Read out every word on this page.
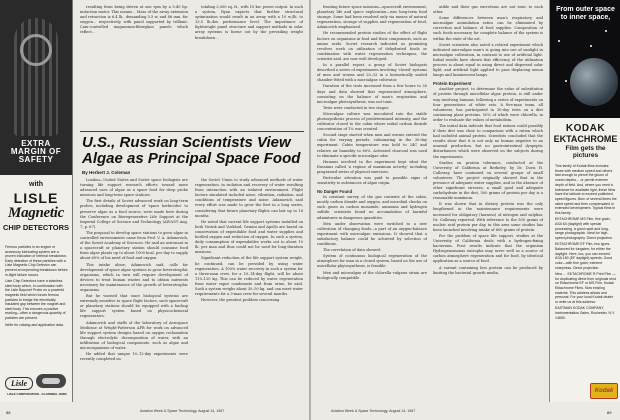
EXTRA MARGIN OF SAFETY
with
LISLE
Magnetic
CHIP DETECTORS

Ferrous particles in an engine or accessory lubricating system are a proven indication of internal breakdown. Early detection of these particles with a Lisle Magnetic Chip Detector can prevent an impending breakdown before in-flight failure occurs.

Lisle Chip Detectors have a stainless steel body which, in combination with the Lisle Bayonet Probe on a powerful magnetic field which forces ferrous particles to bridge the electrically insulated gap between the magnet and steel body. This ensures a positive reading—often a dangerous quantity of particles are present.

Write for catalog and application data.

Lisle
LISLE CORPORATION · CLARINDA, IOWA

resulting from being driven at one rpm by a 0.40 hp. induction motor. This means... Mass of the array extension and retraction is 6.4 lb., demanding 5.5 w. and 86 mm. for oxygen... respectively, with panel supported by trilliant. Cam-controlled magnesium-fiberglass panels which reflect...

totaling 3,000 sq. ft., with 10 kw. power output. In such a system, Ryan expects that further structural optimization would result in an array with a 10 w./lb. to 13.5 lb./kw. performance level. The importance of lightweight panel structure and support methods in solar array systems is borne out by the prevailing weight breakdown...

U.S., Russian Scientists View Algae as Principal Space Food
By Herbert J. Coleman

London—United States and Soviet space biologists are turning life support research efforts toward more advanced uses of algae as a space food for deep probe missions and long-term space stations.

The first details of Soviet advanced work on long-term probes, including development of 'space herbicides' to preserve algae as a food source, were made here during the Conference on Bioregenerative Life Support at the Imperial College of Science and Technology (AW&ST Aug. 7, p. 67).

The proposal to develop space stations to grow algae in controlled environments came from Prof. V. A. Adamovich, of the Soviet Academy of Sciences. He said an astronaut in a spacecraft or planetary station should consume food from algae plants up to about 1000 kcal. per day to supply about 60% of his need of food and oxygen.

This intake alone, Adamovich said, calls for development of space algae systems to grow heterotrophic organisms, which in turn will require development of devices to treat human wastes and to obtain nutrients necessary for maintenance of the growth of heterotrophic organisms.

But he warned that since biological systems are extremely sensitive to space flight factors, such spacecraft or planetary stations should be equipped with a backup life support system based on physicochemical regenerators.

Adamovich and staffs of the laboratory of Aerospace Medicine at Wright-Patterson AFB for work on advanced life support system designs based on oxygen reclamation through electrolytic decomposition of water, with an infiltration of biological components, such as algae and microorganisms of water.

He added that unique 10–12-day experiments were recently completed on

the Soviet Union to study advanced methods of water regeneration, in isolation and recovery of water resulting from interaction with an isolated environment. Flight factors simulated included noise, vibration, radiation, and conditions of temperature and noise. Adamovich said every effort was made to grow the first in a long series, considering that future planetary flights can last up to 18 months.

He noted that current life support systems installed on both Vostok and Voskhod, Gemini and Apollo are based on conservation of expendable food and water supplies and bottled oxygen and reduction of oxygen. In such a system, daily consumption of expendables works out to about 10 lb. per man and thus could not be used for long-duration missions.

Significant reduction of the life support system weight, he continued, can be provided by using water regeneration. A 100% water recovery in such a system for a three-man crew, for a 10–14-day flight, will be about 110–120 kg. This can be reduced by water regeneration from water vapor condensate and from urine, he said. Such a system weighs about 30–50 kg. and can meet water requirements for a 3-man crew for several months.

However, the greatest problem concerning

88	Aviation Week & Space Technology, August 14, 1967

fronting future space missions—spacecraft environment, planetary life and space exploration—was long-term food storage. Some had been resolved only via means of natural regeneration, storage of supplies and regeneration of food, Adamovich emphasized.

He recommended protein studies of the effect of flight factors on organisms in food and their components, such as amino acids. Soviet research indicated as promising revolves work on utilization of dehydrated foods or combination with water regeneration techniques, the scientist said, are now well developed.

In a parallel report, a group of Soviet biologists described a series of experiments involving 'closed' systems of men and worms and 20–33 in a hermetically sealed chamber fitted with a microalgae cultivator.

Duration of the tests increased from a few hours to 30 days and data showed that regenerated atmosphere, consisting on the balance of man's respiration and microalgae photosynthesis, was not toxic.

Tests were conducted in two stages:

Microalgae culture was inoculated into the stable photosynthesis process of predetermined intensity, and the cultivator closed to the cabin where initial carbon dioxide concentration of 1% was created.

Second stage started when men and worms entered the cabin for varying periods, culminating in the 30-day experiment. Cabin temperature was held to 24C and relative air humidity to 60%. Activated charcoal was used to eliminate a specific microalgae odor.

Humans involved in the experiment kept what the Russians called 'a regime of maximum activity,' including programed series of physical exercises.

Particular attention was paid to possible signs of sensitivity to substances of algae origin.

No Danger Found

In constant survey of the gas contents of the cabin, mostly carbon dioxide and oxygen, and microbial checks on such gases as carbon monoxide, ammonia and hydrogen sulfide, scientists found no accumulation of harmful admixtures in dangerous quantities.

Men under observation were switched to a new cultivation of changing foods—a part of an oxygen-balance experiment with microalgae emissions. It showed that a satisfactory balance could be achieved by selection of conditions.

The correlation of data showed:

System of continuous biological regeneration of the atmosphere for man in a closed system, based on the use of unicellular phytosynthesis, is feasible.

Men and microalgae of the chlorella vulgaris strain are biologically compatible

atible and their gas excretions are not toxic to each other.

Some differences between man's respiratory and microalgae assimilation ratios can be eliminated by correction and balance of food supplies. Composition of such foods necessary for complete balance of the system is within the state of the art.

Soviet scientists also noted a related experiment which indicated microalgae man's is going into use of sunlight in microalgae cultivation, in contrast to use of artificial light. Initial results have shown that efficiency of the utilization process is about equal in using direct and dispersed solar light, and artificial light applied to pass displacing xenon lamps and luminescent lamps.

Protein Experiment

Another project, to determine the value of substitution of protein through unicellular algae protein, is still under way involving humans, following a series of experiments on four generations of white rats. A five-man team, all volunteers, has participated in 30-day tests on a diet containing plant proteins, 50% of which were chlorella, in order to evaluate the values of metabolism.

The initial data indicate that food rations could possibly if their diet was close to comparison with a ration which had included animal protein. Scientists concluded that the results show that it is not only no human negative to an unusual production, but no gastrointestinal dyspeptic disturbances which were observed on the subjects during the experiments.

Studies on protein tolerance, conducted at the University of California at Berkeley, by Dr. Doris H. Calloway, have continued on several groups of small volunteers. The project originally showed that in the presence of adequate water supplies, and in the absence of other significant stresses, a small good and adequate carbohydrate in the diet, 500 grams of protein per day is a reasonable maximum.

It was shown that in dietary protein was the only lengthened in the maintenance requirements were increased for obligatory (harness) of nitrogen and sulphur, Dr. Calloway reported. With reference to the 500 grams of nucleic acid protein per day, in this area some studies has been launched involving intake of 600 grams of protein.

For the problem of space life support, studies at the University of California deals with a hydrogen-fixing bacterium. First results indicate that the organism Hydrogenomonas eutropha may serve well as a source of carbon atmosphere regeneration and for food, by identical application as a source of food.

A variant containing less protein can be produced by limiting the bacterial growth media.

From outer space to inner space,
KODAK
EKTACHROME
Film gets the pictures

This family of Kodak films includes those with medium speed and others fast enough to pierce the gloom of ocean depths… or permit extreme depth of field. And, where you need a tolerance for available light, these films have the latitude to exceed published speed figures. Born of several times the rated speed and then compensated in extended development. Typical films in this family:

EKTACHROME MS Film, fine grain, ASA 64 (daylight) with special processing, a good rapid and long-range photographic. Ideal for high-speed photography. Direct projection.

EKTACHROME EF Film, two types. Balanced for tungsten; for either the daylight. Here, too, you can exceed ASA 160 (EF daylight) speeds. Good color—with fine grain, extreme sharpness. Direct projection.

New … EKTACHROME R Print Film — for duplicating direct from originals shot on Ektachrome EF or MS Film, Kodak Ektachrome Films. Now existing material. This address allows and personal. For your local Kodak dealer or write us at this address:

EASTMAN KODAK COMPANY, Instrumentation Sales, Rochester, N.Y. 14650.

Kodak
Aviation Week & Space Technology, August 14, 1967	89
